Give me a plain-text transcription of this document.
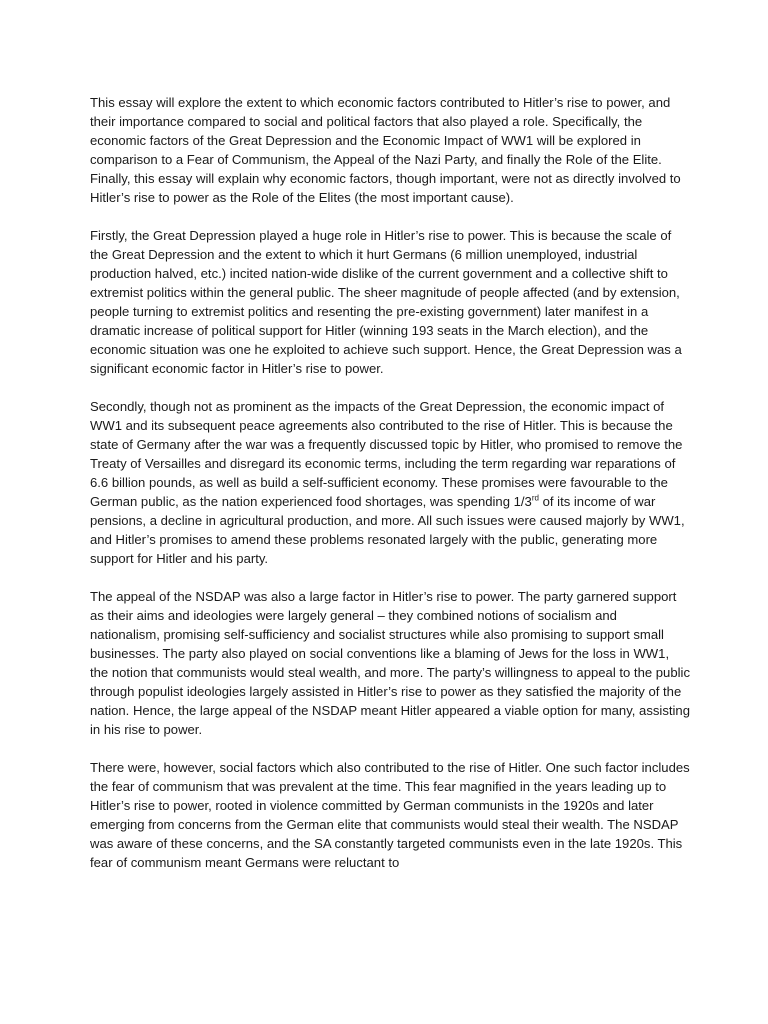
This essay will explore the extent to which economic factors contributed to Hitler’s rise to power, and their importance compared to social and political factors that also played a role. Specifically, the economic factors of the Great Depression and the Economic Impact of WW1 will be explored in comparison to a Fear of Communism, the Appeal of the Nazi Party, and finally the Role of the Elite. Finally, this essay will explain why economic factors, though important, were not as directly involved to Hitler’s rise to power as the Role of the Elites (the most important cause).

Firstly, the Great Depression played a huge role in Hitler’s rise to power. This is because the scale of the Great Depression and the extent to which it hurt Germans (6 million unemployed, industrial production halved, etc.) incited nation-wide dislike of the current government and a collective shift to extremist politics within the general public. The sheer magnitude of people affected (and by extension, people turning to extremist politics and resenting the pre-existing government) later manifest in a dramatic increase of political support for Hitler (winning 193 seats in the March election), and the economic situation was one he exploited to achieve such support. Hence, the Great Depression was a significant economic factor in Hitler’s rise to power.

Secondly, though not as prominent as the impacts of the Great Depression, the economic impact of WW1 and its subsequent peace agreements also contributed to the rise of Hitler. This is because the state of Germany after the war was a frequently discussed topic by Hitler, who promised to remove the Treaty of Versailles and disregard its economic terms, including the term regarding war reparations of 6.6 billion pounds, as well as build a self-sufficient economy. These promises were favourable to the German public, as the nation experienced food shortages, was spending 1/3rd of its income of war pensions, a decline in agricultural production, and more. All such issues were caused majorly by WW1, and Hitler’s promises to amend these problems resonated largely with the public, generating more support for Hitler and his party.

The appeal of the NSDAP was also a large factor in Hitler’s rise to power. The party garnered support as their aims and ideologies were largely general – they combined notions of socialism and nationalism, promising self-sufficiency and socialist structures while also promising to support small businesses. The party also played on social conventions like a blaming of Jews for the loss in WW1, the notion that communists would steal wealth, and more. The party’s willingness to appeal to the public through populist ideologies largely assisted in Hitler’s rise to power as they satisfied the majority of the nation. Hence, the large appeal of the NSDAP meant Hitler appeared a viable option for many, assisting in his rise to power.

There were, however, social factors which also contributed to the rise of Hitler. One such factor includes the fear of communism that was prevalent at the time. This fear magnified in the years leading up to Hitler’s rise to power, rooted in violence committed by German communists in the 1920s and later emerging from concerns from the German elite that communists would steal their wealth. The NSDAP was aware of these concerns, and the SA constantly targeted communists even in the late 1920s. This fear of communism meant Germans were reluctant to
